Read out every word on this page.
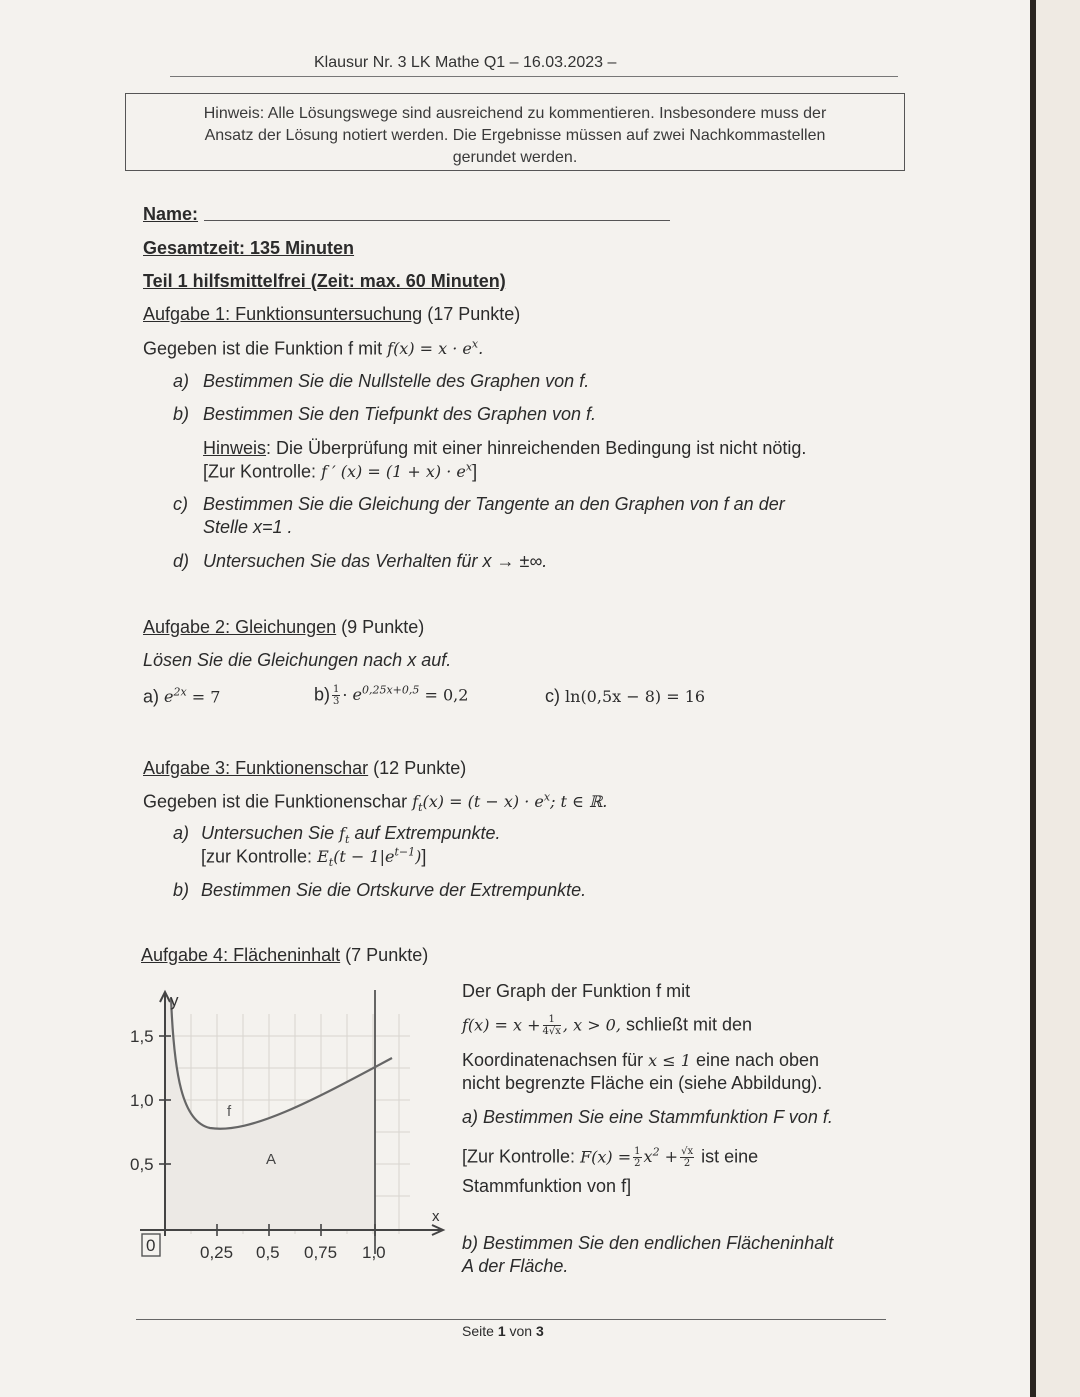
Klausur Nr. 3 LK Mathe Q1 – 16.03.2023 –
Hinweis: Alle Lösungswege sind ausreichend zu kommentieren. Insbesondere muss der
Ansatz der Lösung notiert werden. Die Ergebnisse müssen auf zwei Nachkommastellen
gerundet werden.
Name:
Gesamtzeit: 135 Minuten
Teil 1 hilfsmittelfrei (Zeit: max. 60 Minuten)
Aufgabe 1: Funktionsuntersuchung (17 Punkte)
Gegeben ist die Funktion f mit $f(x) = x \cdot e^x$.
a) Bestimmen Sie die Nullstelle des Graphen von f.
b) Bestimmen Sie den Tiefpunkt des Graphen von f.
Hinweis: Die Überprüfung mit einer hinreichenden Bedingung ist nicht nötig.
[Zur Kontrolle: f ′ $(x) = (1 + x) \cdot e^x$]
c) Bestimmen Sie die Gleichung der Tangente an den Graphen von f an der
Stelle x=1 .
d) Untersuchen Sie das Verhalten für x → ±∞.
Aufgabe 2: Gleichungen (9 Punkte)
Lösen Sie die Gleichungen nach x auf.
a) $e^{2x} = 7$	$b) \frac{1}{3} \cdot e^{0,25x+0,5} = 0,2$	c) ln(0,5x − 8) = 16
Aufgabe 3: Funktionenschar (12 Punkte)
Gegeben ist die Funktionenschar $f_t(x) = (t - x) \cdot e^x$; t ∈ ℝ.
a) Untersuchen Sie $f_t$ auf Extrempunkte.
[zur Kontrolle: $E_t(t - 1|e^{t-1})$]
b) Bestimmen Sie die Ortskurve der Extrempunkte.
Aufgabe 4: Flächeninhalt (7 Punkte)
0
y
x
f
A
1,5
1,0
0,5
0,25 0,5 0,75 1,0
Der Graph der Funktion f mit
$f(x) = x + \frac{1}{4√x}$ , x > 0, schließt mit den
Koordinatenachsen für x ≤ 1 eine nach oben
nicht begrenzte Fläche ein (siehe Abbildung).
a) Bestimmen Sie eine Stammfunktion F von f.
[Zur Kontrolle: $F(x) = \frac{1}{2} x^2 + \frac{√x}{2}$ ist eine
Stammfunktion von f]
b) Bestimmen Sie den endlichen Flächeninhalt
A der Fläche.
Seite 1 von 3
